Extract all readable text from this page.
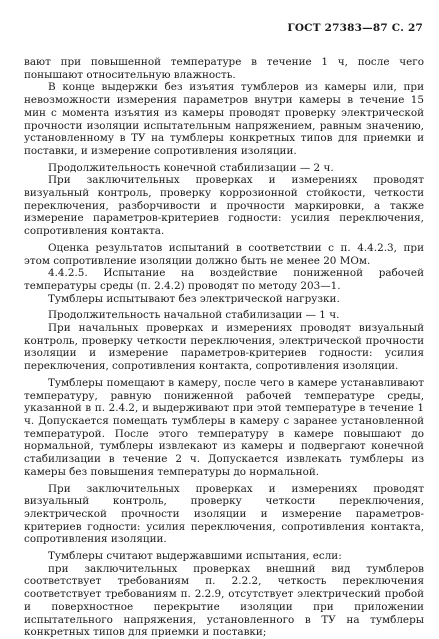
ГОСТ 27383—87 С. 27

вают при повышенной температуре в течение 1 ч, после чего понышают относительную влажность.

В конце выдержки без изъятия тумблеров из камеры или, при невозможности измерения параметров внутри камеры в течение 15 мин с момента изъятия из камеры проводят проверку электрической прочности изоляции испытательным напряжением, равным значению, установленному в ТУ на тумблеры конкретных типов для приемки и поставки, и измерение сопротивления изоляции.

Продолжительность конечной стабилизации — 2 ч.

При заключительных проверках и измерениях проводят визуальный контроль, проверку коррозионной стойкости, четкости переключения, разборчивости и прочности маркировки, а также измерение параметров-критериев годности: усилия переключения, сопротивления контакта.

Оценка результатов испытаний в соответствии с п. 4.4.2.3, при этом сопротивление изоляции должно быть не менее 20 МОм.

4.4.2.5. Испытание на воздействие пониженной рабочей температуры среды (п. 2.4.2) проводят по методу 203—1.

Тумблеры испытывают без электрической нагрузки.

Продолжительность начальной стабилизации — 1 ч.

При начальных проверках и измерениях проводят визуальный контроль, проверку четкости переключения, электрической прочности изоляции и измерение параметров-критериев годности: усилия переключения, сопротивления контакта, сопротивления изоляции.

Тумблеры помещают в камеру, после чего в камере устанавливают температуру, равную пониженной рабочей температуре среды, указанной в п. 2.4.2, и выдерживают при этой температуре в течение 1 ч. Допускается помещать тумблеры в камеру с заранее установленной температурой. После этого температуру в камере повышают до нормальной, тумблеры извлекают из камеры и подвергают конечной стабилизации в течение 2 ч. Допускается извлекать тумблеры из камеры без повышения температуры до нормальной.

При заключительных проверках и измерениях проводят визуальный контроль, проверку четкости переключения, электрической прочности изоляции и измерение параметров-критериев годности: усилия переключения, сопротивления контакта, сопротивления изоляции.

Тумблеры считают выдержавшими испытания, если:

при заключительных проверках внешний вид тумблеров соответствует требованиям п. 2.2.2, четкость переключения соответствует требованиям п. 2.2.9, отсутствует электрический пробой и поверхностное перекрытие изоляции при приложении испытательного напряжения, установленного в ТУ на тумблеры конкретных типов для приемки и поставки;
